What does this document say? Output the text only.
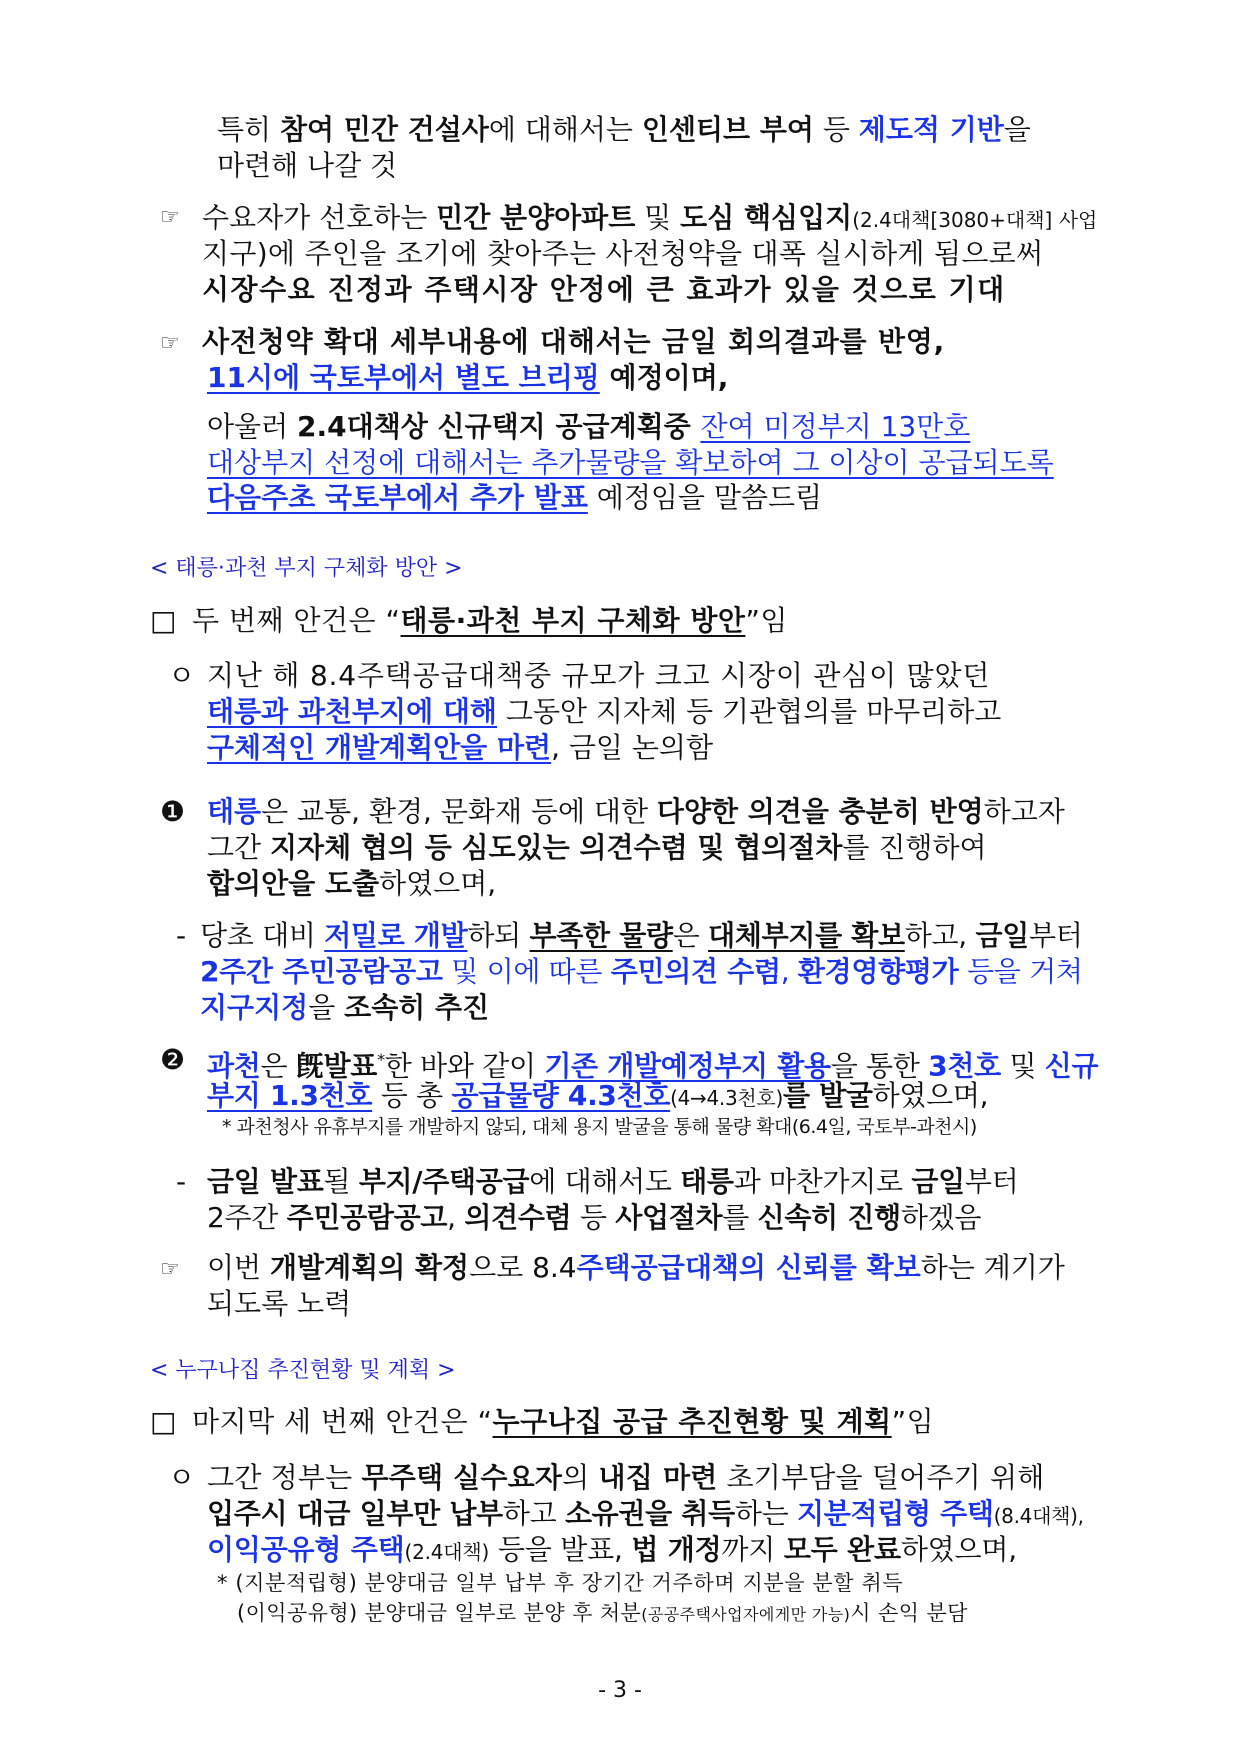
특히 참여 민간 건설사에 대해서는 인센티브 부여 등 제도적 기반을
마련해 나갈 것
☞ 수요자가 선호하는 민간 분양아파트 및 도심 핵심입지(2.4대책[3080+대책] 사업
지구)에 주인을 조기에 찾아주는 사전청약을 대폭 실시하게 됨으로써
시장수요 진정과 주택시장 안정에 큰 효과가 있을 것으로 기대
☞ 사전청약 확대 세부내용에 대해서는 금일 회의결과를 반영,
11시에 국토부에서 별도 브리핑 예정이며,
아울러 2.4대책상 신규택지 공급계획중 잔여 미정부지 13만호
대상부지 선정에 대해서는 추가물량을 확보하여 그 이상이 공급되도록
다음주초 국토부에서 추가 발표 예정임을 말씀드림
< 태릉·과천 부지 구체화 방안 >
□ 두 번째 안건은 “태릉·과천 부지 구체화 방안”임
ㅇ 지난 해 8.4주택공급대책중 규모가 크고 시장이 관심이 많았던
태릉과 과천부지에 대해 그동안 지자체 등 기관협의를 마무리하고
구체적인 개발계획안을 마련, 금일 논의함
❶ 태릉은 교통, 환경, 문화재 등에 대한 다양한 의견을 충분히 반영하고자
그간 지자체 협의 등 심도있는 의견수렴 및 협의절차를 진행하여
합의안을 도출하였으며,
- 당초 대비 저밀로 개발하되 부족한 물량은 대체부지를 확보하고, 금일부터
2주간 주민공람공고 및 이에 따른 주민의견 수렴, 환경영향평가 등을 거쳐
지구지정을 조속히 추진
❷ 과천은 旣발표*한 바와 같이 기존 개발예정부지 활용을 통한 3천호 및 신규
부지 1.3천호 등 총 공급물량 4.3천호(4→4.3천호)를 발굴하였으며,
* 과천청사 유휴부지를 개발하지 않되, 대체 용지 발굴을 통해 물량 확대(6.4일, 국토부-과천시)
- 금일 발표될 부지/주택공급에 대해서도 태릉과 마찬가지로 금일부터
2주간 주민공람공고, 의견수렴 등 사업절차를 신속히 진행하겠음
☞ 이번 개발계획의 확정으로 8.4주택공급대책의 신뢰를 확보하는 계기가
되도록 노력
< 누구나집 추진현황 및 계획 >
□ 마지막 세 번째 안건은 “누구나집 공급 추진현황 및 계획”임
ㅇ 그간 정부는 무주택 실수요자의 내집 마련 초기부담을 덜어주기 위해
입주시 대금 일부만 납부하고 소유권을 취득하는 지분적립형 주택(8.4대책),
이익공유형 주택(2.4대책) 등을 발표, 법 개정까지 모두 완료하였으며,
* (지분적립형) 분양대금 일부 납부 후 장기간 거주하며 지분을 분할 취득
(이익공유형) 분양대금 일부로 분양 후 처분(공공주택사업자에게만 가능)시 손익 분담
- 3 -
